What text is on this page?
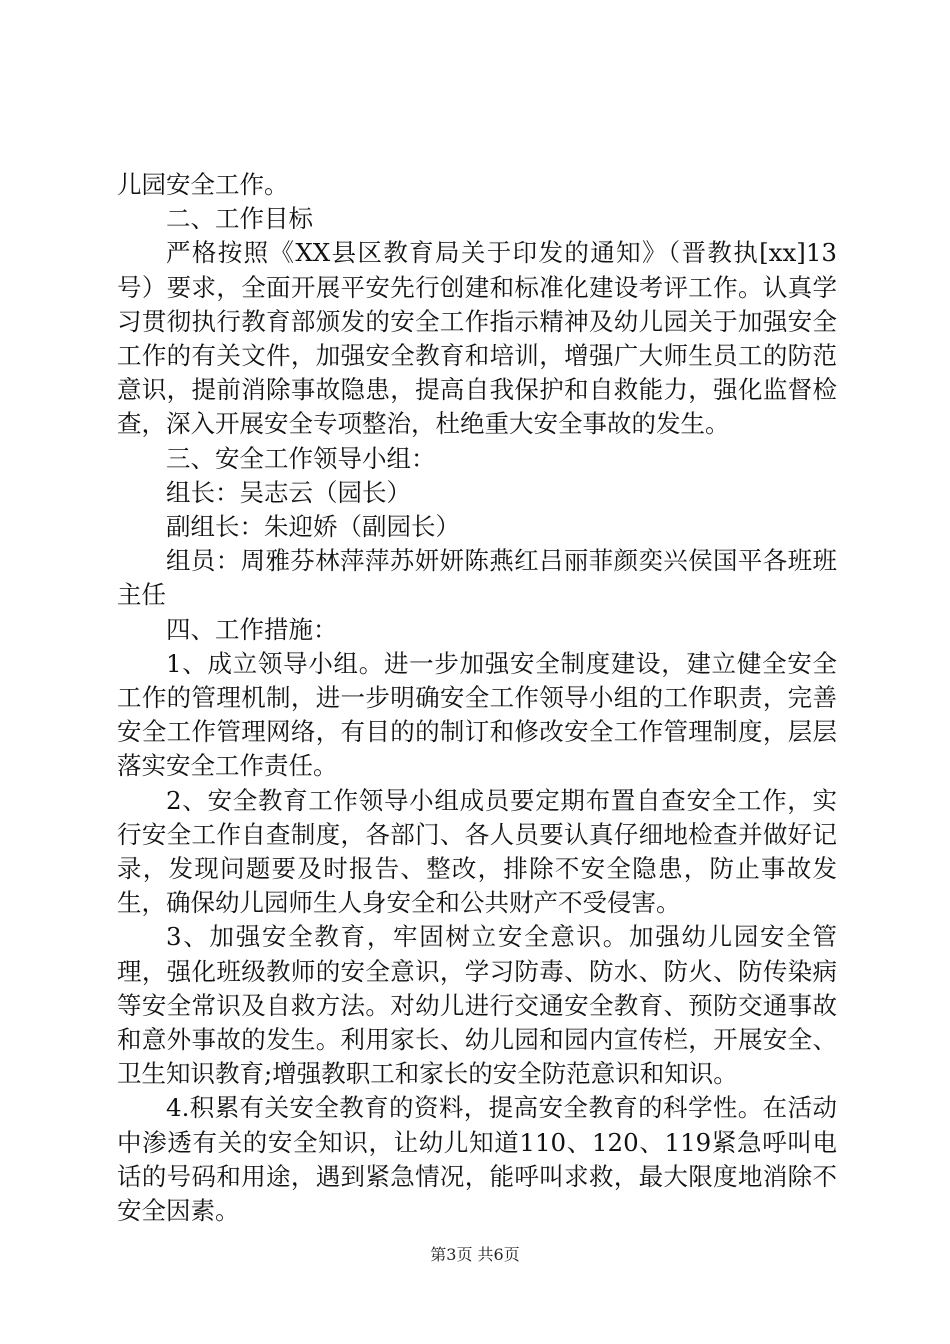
儿园安全工作。

二、工作目标

严格按照《XX县区教育局关于印发的通知》（晋教执[xx]13号）要求，全面开展平安先行创建和标准化建设考评工作。认真学习贯彻执行教育部颁发的安全工作指示精神及幼儿园关于加强安全工作的有关文件，加强安全教育和培训，增强广大师生员工的防范意识，提前消除事故隐患，提高自我保护和自救能力，强化监督检查，深入开展安全专项整治，杜绝重大安全事故的发生。

三、安全工作领导小组：

组长：吴志云（园长）

副组长：朱迎娇（副园长）

组员：周雅芬林萍萍苏妍妍陈燕红吕丽菲颜奕兴侯国平各班班主任

四、工作措施：

1、成立领导小组。进一步加强安全制度建设，建立健全安全工作的管理机制，进一步明确安全工作领导小组的工作职责，完善安全工作管理网络，有目的的制订和修改安全工作管理制度，层层落实安全工作责任。

2、安全教育工作领导小组成员要定期布置自查安全工作，实行安全工作自查制度，各部门、各人员要认真仔细地检查并做好记录，发现问题要及时报告、整改，排除不安全隐患，防止事故发生，确保幼儿园师生人身安全和公共财产不受侵害。

3、加强安全教育，牢固树立安全意识。加强幼儿园安全管理，强化班级教师的安全意识，学习防毒、防水、防火、防传染病等安全常识及自救方法。对幼儿进行交通安全教育、预防交通事故和意外事故的发生。利用家长、幼儿园和园内宣传栏，开展安全、卫生知识教育;增强教职工和家长的安全防范意识和知识。

4.积累有关安全教育的资料，提高安全教育的科学性。在活动中渗透有关的安全知识，让幼儿知道110、120、119紧急呼叫电话的号码和用途，遇到紧急情况，能呼叫求救，最大限度地消除不安全因素。

第3页 共6页
